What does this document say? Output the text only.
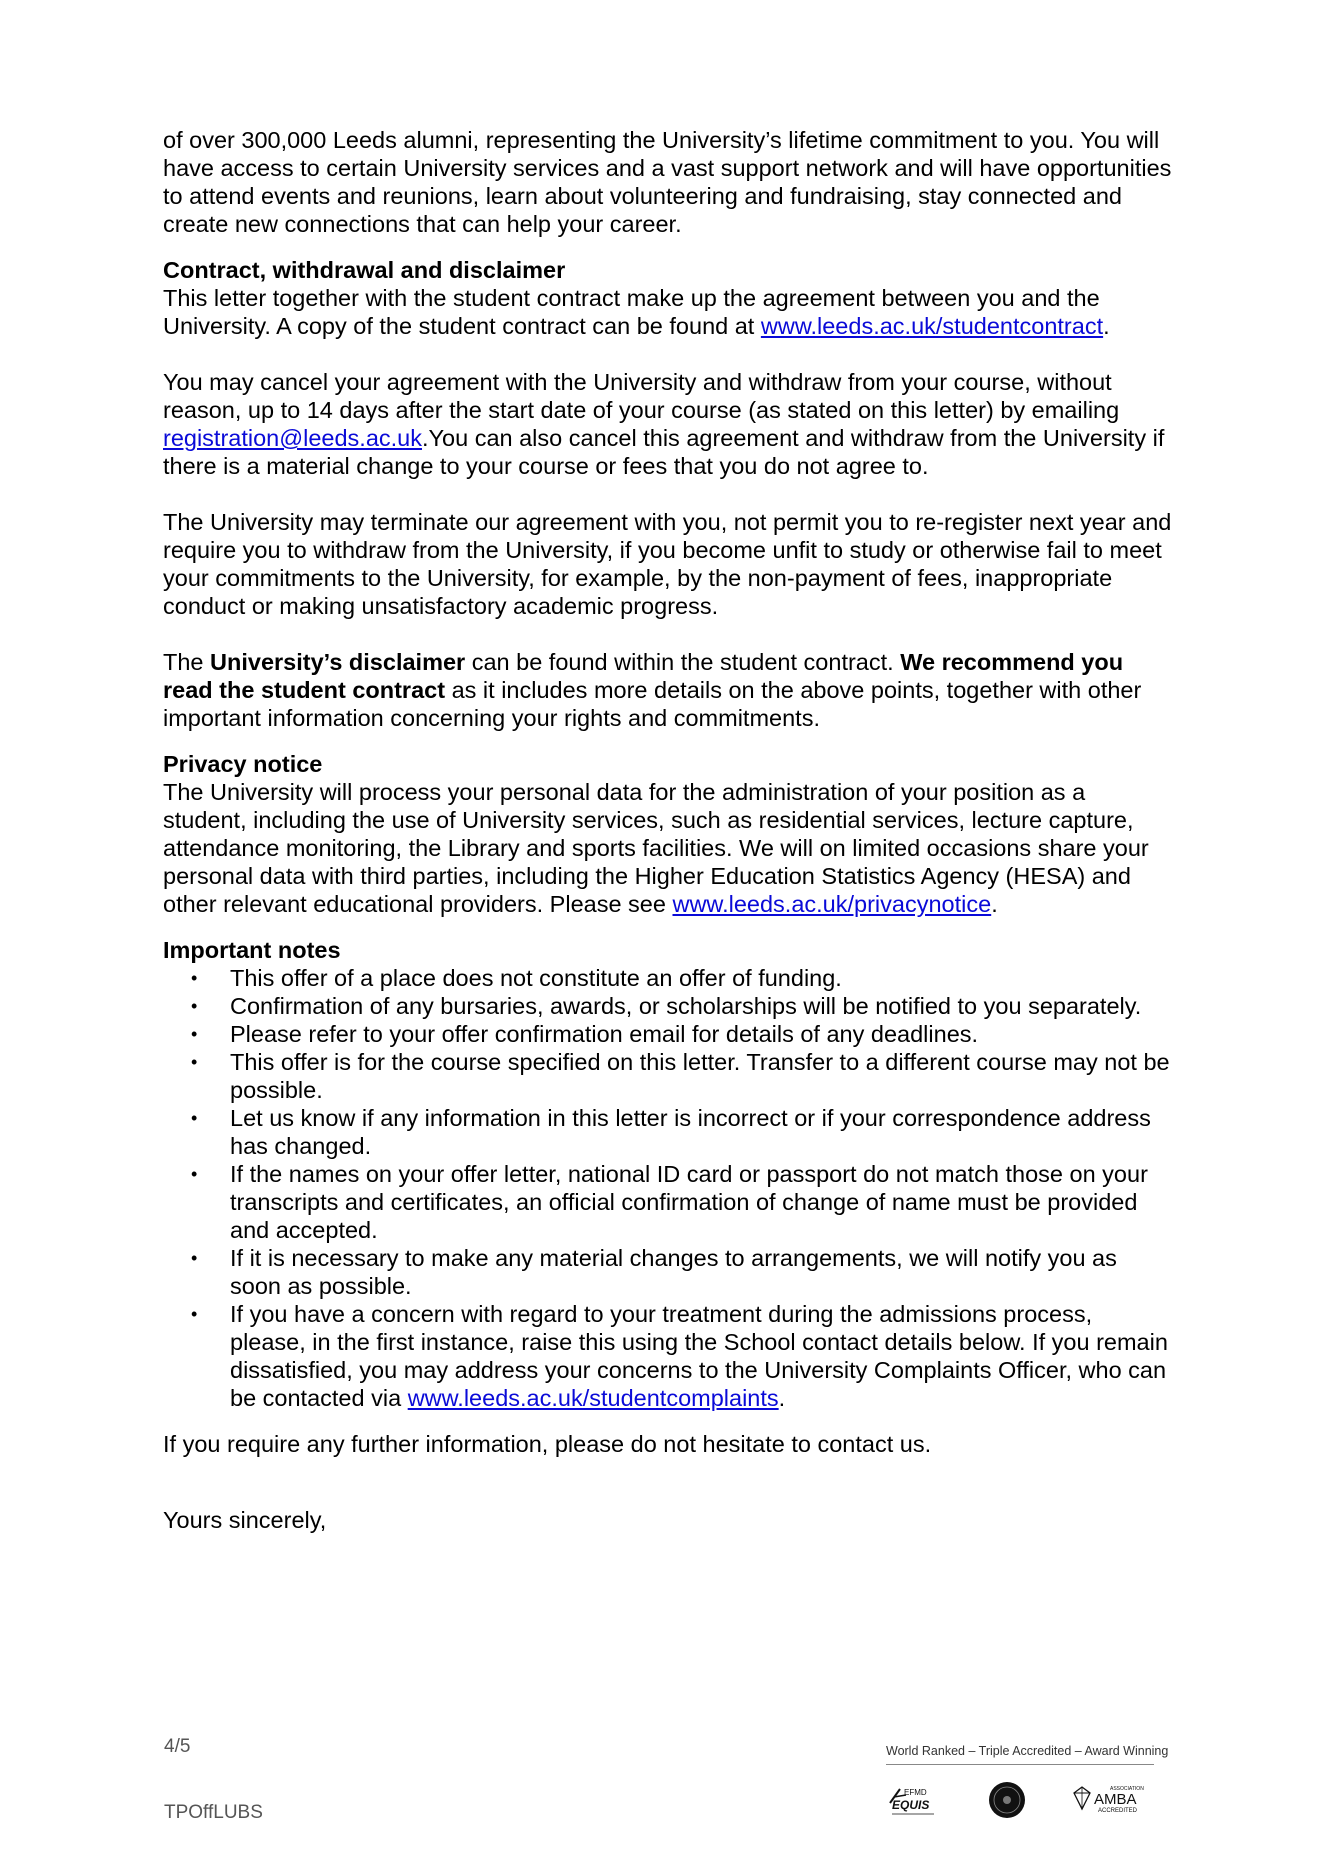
of over 300,000 Leeds alumni, representing the University’s lifetime commitment to you. You will have access to certain University services and a vast support network and will have opportunities to attend events and reunions, learn about volunteering and fundraising, stay connected and create new connections that can help your career.

Contract, withdrawal and disclaimer

This letter together with the student contract make up the agreement between you and the University. A copy of the student contract can be found at www.leeds.ac.uk/studentcontract.

You may cancel your agreement with the University and withdraw from your course, without reason, up to 14 days after the start date of your course (as stated on this letter) by emailing registration@leeds.ac.uk.You can also cancel this agreement and withdraw from the University if there is a material change to your course or fees that you do not agree to.

The University may terminate our agreement with you, not permit you to re-register next year and require you to withdraw from the University, if you become unfit to study or otherwise fail to meet your commitments to the University, for example, by the non-payment of fees, inappropriate conduct or making unsatisfactory academic progress.

The University’s disclaimer can be found within the student contract. We recommend you read the student contract as it includes more details on the above points, together with other important information concerning your rights and commitments.

Privacy notice

The University will process your personal data for the administration of your position as a student, including the use of University services, such as residential services, lecture capture, attendance monitoring, the Library and sports facilities. We will on limited occasions share your personal data with third parties, including the Higher Education Statistics Agency (HESA) and other relevant educational providers. Please see www.leeds.ac.uk/privacynotice.

Important notes

• This offer of a place does not constitute an offer of funding.
• Confirmation of any bursaries, awards, or scholarships will be notified to you separately.
• Please refer to your offer confirmation email for details of any deadlines.
• This offer is for the course specified on this letter. Transfer to a different course may not be possible.
• Let us know if any information in this letter is incorrect or if your correspondence address has changed.
• If the names on your offer letter, national ID card or passport do not match those on your transcripts and certificates, an official confirmation of change of name must be provided and accepted.
• If it is necessary to make any material changes to arrangements, we will notify you as soon as possible.
• If you have a concern with regard to your treatment during the admissions process, please, in the first instance, raise this using the School contact details below. If you remain dissatisfied, you may address your concerns to the University Complaints Officer, who can be contacted via www.leeds.ac.uk/studentcomplaints.

If you require any further information, please do not hesitate to contact us.

Yours sincerely,

4/5
TPOffLUBS
World Ranked – Triple Accredited – Award Winning
EFMD
EQUIS
ASSOCIATION
AMBA
ACCREDITED
